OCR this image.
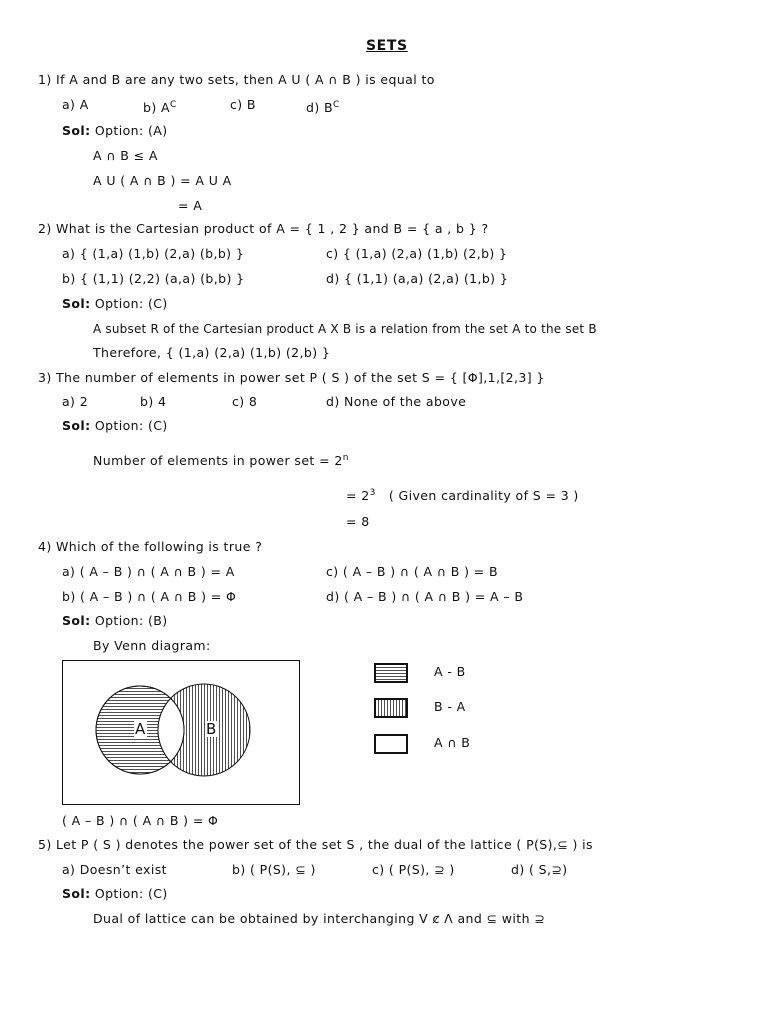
SETS
1) If A and B are any two sets, then A U ( A ∩ B ) is equal to
a) A	b) $A^C$	c) B	d) $B^C$
Sol: Option: (A)
A ∩ B ≤ A
A U ( A ∩ B ) = A U A
= A
2) What is the Cartesian product of A = { 1 , 2 } and B = { a , b } ?
a) { (1,a) (1,b) (2,a) (b,b) }	c) { (1,a) (2,a) (1,b) (2,b) }
b) { (1,1) (2,2) (a,a) (b,b) }	d) { (1,1) (a,a) (2,a) (1,b) }
Sol: Option: (C)
A subset R of the Cartesian product A X B is a relation from the set A to the set B
Therefore, { (1,a) (2,a) (1,b) (2,b) }
3) The number of elements in power set P ( S ) of the set S = { [Φ],1,[2,3] }
a) 2	b) 4	c) 8	d) None of the above
Sol: Option: (C)
Number of elements in power set = $2^n$
= $2^3$ ( Given cardinality of S = 3 )
= 8
4) Which of the following is true ?
a) ( A – B ) ∩ ( A ∩ B ) = A	c) ( A – B ) ∩ ( A ∩ B ) = B
b) ( A – B ) ∩ ( A ∩ B ) = Φ	d) ( A – B ) ∩ ( A ∩ B ) = A – B
Sol: Option: (B)
By Venn diagram:
A	B
A - B
B - A
A ∩ B
( A – B ) ∩ ( A ∩ B ) = Φ
5) Let P ( S ) denotes the power set of the set S , the dual of the lattice ( P(S),⊆ ) is
a) Doesn’t exist	b) ( P(S), ⊆ )	c) ( P(S), ⊇ )	d) ( S,⊇)
Sol: Option: (C)
Dual of lattice can be obtained by interchanging V ȼ Λ and ⊆ with ⊇
